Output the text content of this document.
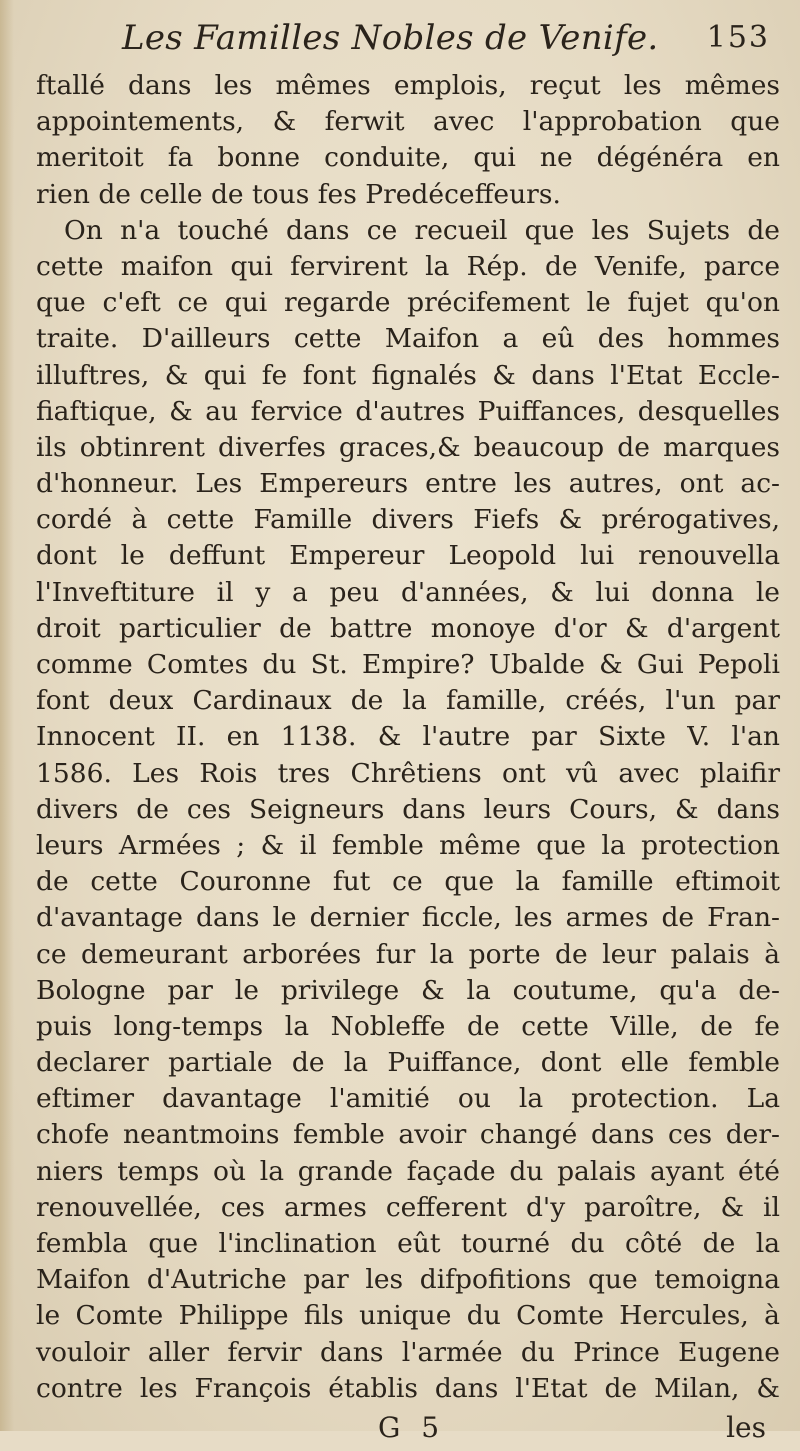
Les Familles Nobles de Venife. 153
ftallé dans les mêmes emplois, reçut les mêmes
appointements, & ferwit avec l'approbation que
meritoit fa bonne conduite, qui ne dégénéra en
rien de celle de tous fes Predéceffeurs.
On n'a touché dans ce recueil que les Sujets de
cette maifon qui fervirent la Rép. de Venife, parce
que c'eft ce qui regarde précifement le fujet qu'on
traite. D'ailleurs cette Maifon a eû des hommes
illuftres, & qui fe font fignalés & dans l'Etat Eccle-
fiaftique, & au fervice d'autres Puiffances, desquelles
ils obtinrent diverfes graces,& beaucoup de marques
d'honneur. Les Empereurs entre les autres, ont ac-
cordé à cette Famille divers Fiefs & prérogatives,
dont le deffunt Empereur Leopold lui renouvella
l'Inveftiture il y a peu d'années, & lui donna le
droit particulier de battre monoye d'or & d'argent
comme Comtes du St. Empire? Ubalde & Gui Pepoli
font deux Cardinaux de la famille, créés, l'un par
Innocent II. en 1138. & l'autre par Sixte V. l'an
1586. Les Rois tres Chrêtiens ont vû avec plaifir
divers de ces Seigneurs dans leurs Cours, & dans
leurs Armées ; & il femble même que la protection
de cette Couronne fut ce que la famille eftimoit
d'avantage dans le dernier ficcle, les armes de Fran-
ce demeurant arborées fur la porte de leur palais à
Bologne par le privilege & la coutume, qu'a de-
puis long-temps la Nobleffe de cette Ville, de fe
declarer partiale de la Puiffance, dont elle femble
eftimer davantage l'amitié ou la protection. La
chofe neantmoins femble avoir changé dans ces der-
niers temps où la grande façade du palais ayant été
renouvellée, ces armes cefferent d'y paroître, & il
fembla que l'inclination eût tourné du côté de la
Maifon d'Autriche par les difpofitions que temoigna
le Comte Philippe fils unique du Comte Hercules, à
vouloir aller fervir dans l'armée du Prince Eugene
contre les François établis dans l'Etat de Milan, &
G 5	les
